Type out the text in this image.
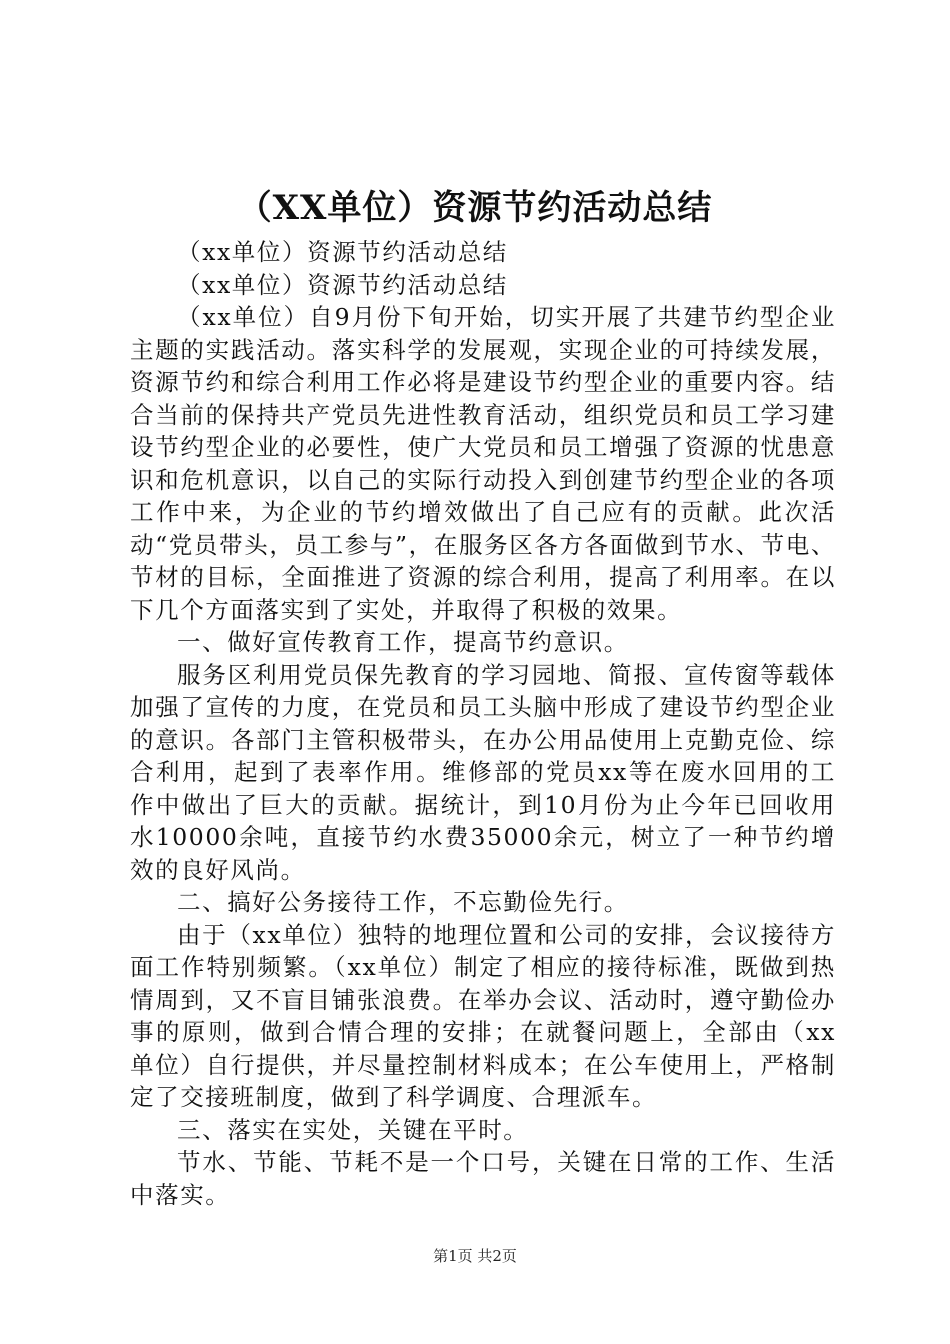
（XX单位）资源节约活动总结

（xx单位）资源节约活动总结

（xx单位）资源节约活动总结

（xx单位）自9月份下旬开始，切实开展了共建节约型企业主题的实践活动。落实科学的发展观，实现企业的可持续发展，资源节约和综合利用工作必将是建设节约型企业的重要内容。结合当前的保持共产党员先进性教育活动，组织党员和员工学习建设节约型企业的必要性，使广大党员和员工增强了资源的忧患意识和危机意识，以自己的实际行动投入到创建节约型企业的各项工作中来，为企业的节约增效做出了自己应有的贡献。此次活动“党员带头，员工参与”，在服务区各方各面做到节水、节电、节材的目标，全面推进了资源的综合利用，提高了利用率。在以下几个方面落实到了实处，并取得了积极的效果。

一、做好宣传教育工作，提高节约意识。

服务区利用党员保先教育的学习园地、简报、宣传窗等载体加强了宣传的力度，在党员和员工头脑中形成了建设节约型企业的意识。各部门主管积极带头，在办公用品使用上克勤克俭、综合利用，起到了表率作用。维修部的党员xx等在废水回用的工作中做出了巨大的贡献。据统计，到10月份为止今年已回收用水10000余吨，直接节约水费35000余元，树立了一种节约增效的良好风尚。

二、搞好公务接待工作，不忘勤俭先行。

由于（xx单位）独特的地理位置和公司的安排，会议接待方面工作特别频繁。（xx单位）制定了相应的接待标准，既做到热情周到，又不盲目铺张浪费。在举办会议、活动时，遵守勤俭办事的原则，做到合情合理的安排；在就餐问题上，全部由（xx单位）自行提供，并尽量控制材料成本；在公车使用上，严格制定了交接班制度，做到了科学调度、合理派车。

三、落实在实处，关键在平时。

节水、节能、节耗不是一个口号，关键在日常的工作、生活中落实。

第1页 共2页
